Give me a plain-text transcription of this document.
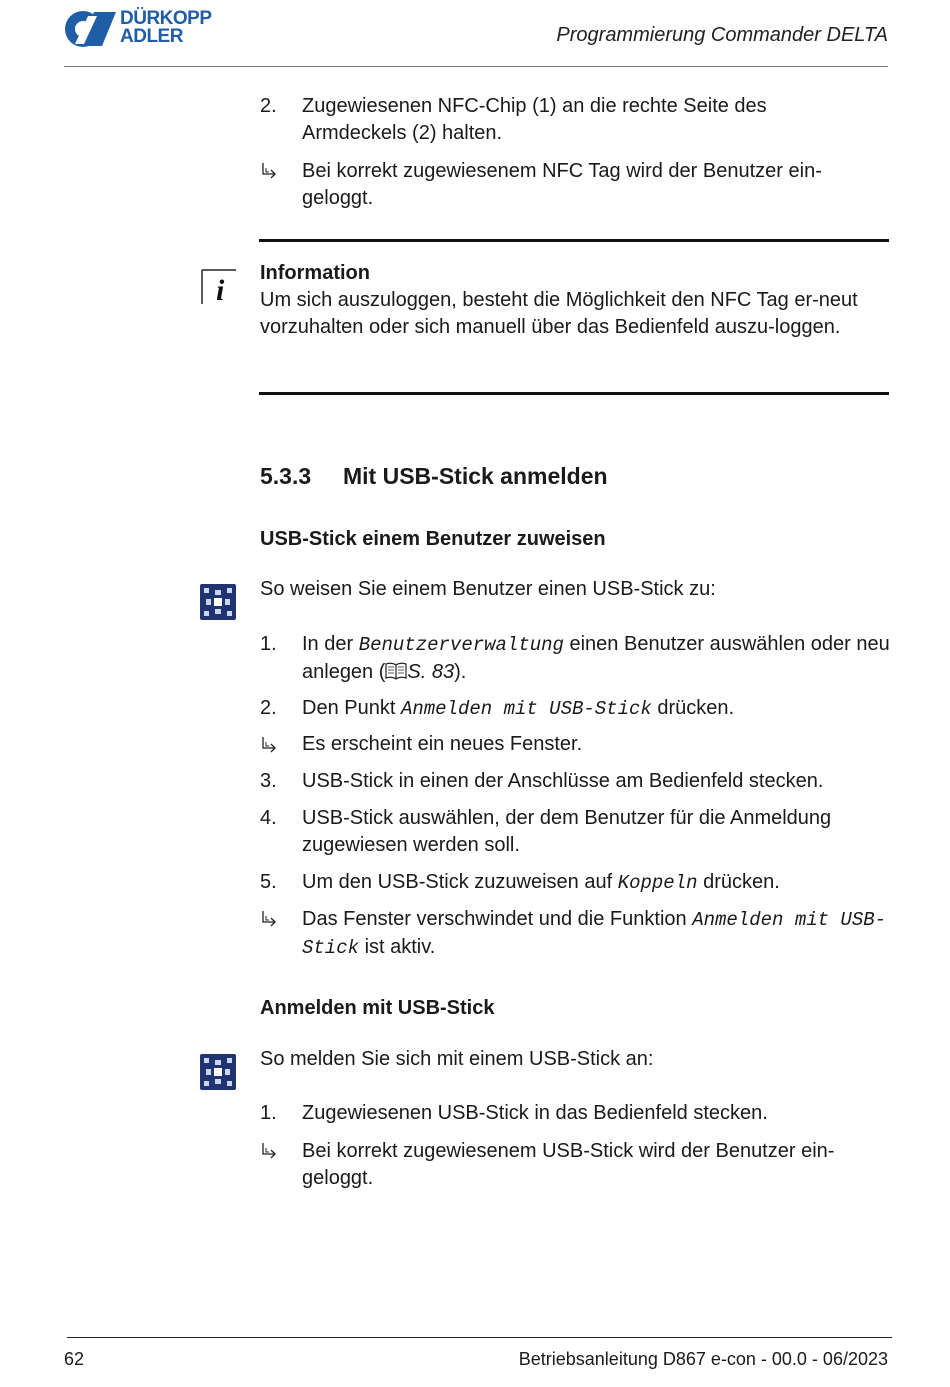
DÜRKOPP
ADLER	Programmierung Commander DELTA
2. Zugewiesenen NFC-Chip (1) an die rechte Seite des Armdeckels (2) halten.
Bei korrekt zugewiesenem NFC Tag wird der Benutzer ein-geloggt.
i
Information
Um sich auszuloggen, besteht die Möglichkeit den NFC Tag er-neut vorzuhalten oder sich manuell über das Bedienfeld auszu-loggen.
5.3.3 Mit USB-Stick anmelden
USB-Stick einem Benutzer zuweisen
So weisen Sie einem Benutzer einen USB-Stick zu:
1. In der Benutzerverwaltung einen Benutzer auswählen oder neu anlegen ( S. 83).
2. Den Punkt Anmelden mit USB-Stick drücken.
Es erscheint ein neues Fenster.
3. USB-Stick in einen der Anschlüsse am Bedienfeld stecken.
4. USB-Stick auswählen, der dem Benutzer für die Anmeldung zugewiesen werden soll.
5. Um den USB-Stick zuzuweisen auf Koppeln drücken.
Das Fenster verschwindet und die Funktion Anmelden mit USB-Stick ist aktiv.
Anmelden mit USB-Stick
So melden Sie sich mit einem USB-Stick an:
1. Zugewiesenen USB-Stick in das Bedienfeld stecken.
Bei korrekt zugewiesenem USB-Stick wird der Benutzer ein-geloggt.
62	Betriebsanleitung D867 e-con - 00.0 - 06/2023
